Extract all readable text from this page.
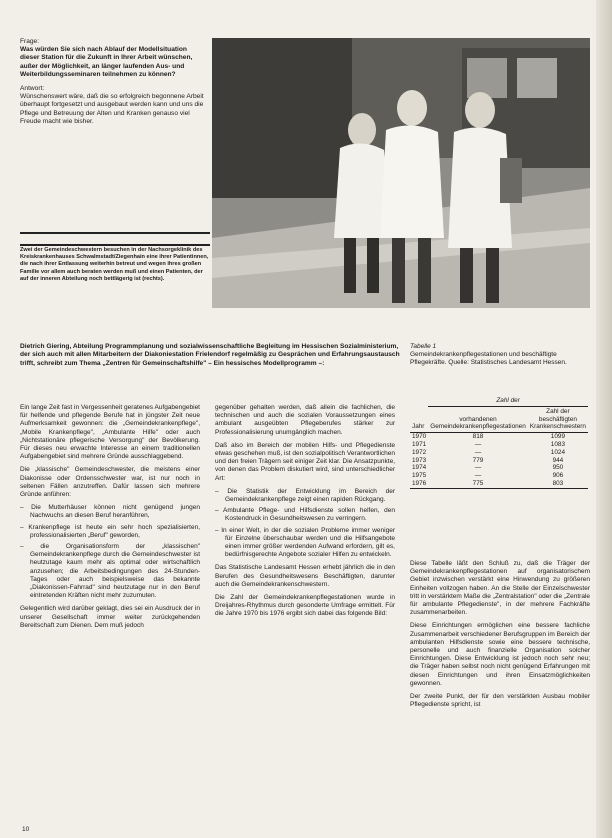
Frage:

Was würden Sie sich nach Ablauf der Modellsituation dieser Station für die Zukunft in Ihrer Arbeit wünschen, außer der Möglichkeit, an länger laufenden Aus- und Weiterbildungsseminaren teilnehmen zu können?

Antwort:

Wünschenswert wäre, daß die so erfolgreich begonnene Arbeit überhaupt fortgesetzt und ausgebaut werden kann und uns die Pflege und Betreuung der Alten und Kranken genauso viel Freude macht wie bisher.

Zwei der Gemeindeschwestern besuchen in der Nachsorgeklinik des Kreiskrankenhauses Schwalmstadt/Ziegenhain eine ihrer Patientinnen, die nach ihrer Entlassung weiterhin betreut und wegen ihres großen Familie vor allem auch beraten werden muß und einen Patienten, der auf der inneren Abteilung noch bettlägerig ist (rechts).
Dietrich Giering, Abteilung Programmplanung und sozialwissenschaftliche Begleitung im Hessischen Sozialministerium, der sich auch mit allen Mitarbeitern der Diakoniestation Frielendorf regelmäßig zu Gesprächen und Erfahrungsaustausch trifft, schreibt zum Thema „Zentren für Gemeinschaftshilfe" – Ein hessisches Modellprogramm –:
Tabelle 1
Gemeindekrankenpflegestationen und beschäftigte Pflegekräfte. Quelle: Statistisches Landesamt Hessen.
	Zahl der	
Jahr	vorhandenen Gemeindekrankenpflegestationen	Zahl der beschäftigten Krankenschwestern
1970	818	1099
1971	—	1083
1972	—	1024
1973	779	944
1974	—	950
1975	—	906
1976	775	803

Ein lange Zeit fast in Vergessenheit geratenes Aufgabengebiet für helfende und pflegende Berufe hat in jüngster Zeit neue Aufmerksamkeit gewonnen: die „Gemeindekrankenpflege", „Mobile Krankenpflege", „Ambulante Hilfe" oder auch „Nichtstationäre pflegerische Versorgung" der Bevölkerung. Für dieses neu erwachte Interesse an einem traditionellen Aufgabengebiet sind mehrere Gründe ausschlaggebend.

Die „klassische" Gemeindeschwester, die meistens einer Diakonisse oder Ordensschwester war, ist nur noch in seltenen Fällen anzutreffen. Dafür lassen sich mehrere Gründe anführen:

– Die Mutterhäuser können nicht genügend jungen Nachwuchs an diesen Beruf heranführen,
– Krankenpflege ist heute ein sehr hoch spezialisierten, professionalisierten „Beruf" geworden,
– die Organisationsform der „klassischen" Gemeindekrankenpflege durch die Gemeindeschwester ist heutzutage kaum mehr als optimal oder wirtschaftlich anzusehen; die Arbeitsbedingungen des 24-Stunden-Tages oder auch beispielsweise das bekannte „Diakonissen-Fahrrad" sind heutzutage nur in den Beruf eintretenden Kräften nicht mehr zuzumuten.

Gelegentlich wird darüber geklagt, dies sei ein Ausdruck der in unserer Gesellschaft immer weiter zurückgehenden Bereitschaft zum Dienen. Dem muß jedoch

gegenüber gehalten werden, daß allein die fachlichen, die technischen und auch die sozialen Voraussetzungen eines ambulant ausgeübten Pflegeberufes stärker zur Professionalisierung unumgänglich machen.

Daß also im Bereich der mobilen Hilfs- und Pflegedienste etwas geschehen muß, ist den sozialpolitisch Verantwortlichen und den freien Trägern seit einiger Zeit klar. Die Ansatzpunkte, von denen das Problem diskutiert wird, sind unterschiedlicher Art:

– Die Statistik der Entwicklung im Bereich der Gemeindekrankenpflege zeigt einen rapiden Rückgang.
– Ambulante Pflege- und Hilfsdienste sollen helfen, den Kostendruck in Gesundheitswesen zu verringern.
– In einer Welt, in der die sozialen Probleme immer weniger für Einzelne überschaubar werden und die Hilfsangebote einen immer größer werdenden Aufwand erfordern, gilt es, bedürfnisgerechte Angebote sozialer Hilfen zu entwickeln.

Das Statistische Landesamt Hessen erhebt jährlich die in den Berufen des Gesundheitswesens Beschäftigten, darunter auch die Gemeindekrankenschwestern.

Die Zahl der Gemeindekrankenpflegestationen wurde in Dreijahres-Rhythmus durch gesonderte Umfrage ermittelt. Für die Jahre 1970 bis 1976 ergibt sich dabei das folgende Bild:

Diese Tabelle läßt den Schluß zu, daß die Träger der Gemeindekrankenpflegestationen auf organisatorischem Gebiet inzwischen verstärkt eine Hinwendung zu größeren Einheiten vollzogen haben. An die Stelle der Einzelschwester tritt in verstärktem Maße die „Zentralstation" oder die „Zentrale für ambulante Pflegedienste", in der mehrere Fachkräfte zusammenarbeiten.

Diese Einrichtungen ermöglichen eine bessere fachliche Zusammenarbeit verschiedener Berufsgruppen im Bereich der ambulanten Hilfsdienste sowie eine bessere technische, personelle und auch finanzielle Organisation solcher Einrichtungen. Diese Entwicklung ist jedoch noch sehr neu; die Träger haben selbst noch nicht genügend Erfahrungen mit diesen Einrichtungen und ihren Einsatzmöglichkeiten gewonnen.

Der zweite Punkt, der für den verstärkten Ausbau mobiler Pflegedienste spricht, ist

10
